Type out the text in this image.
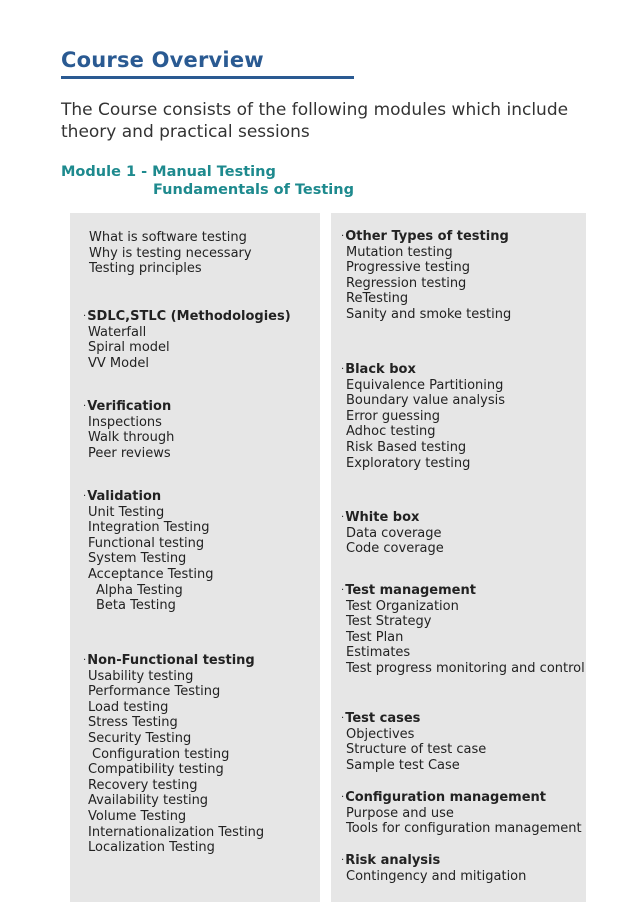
Course Overview
The Course consists of the following modules which include
theory and practical sessions
Module 1 - Manual Testing
Fundamentals of Testing
What is software testing
Why is testing necessary
Testing principles
·SDLC,STLC (Methodologies)
Waterfall
Spiral model
VV Model
·Verification
Inspections
Walk through
Peer reviews
·Validation
Unit Testing
Integration Testing
Functional testing
System Testing
Acceptance Testing
Alpha Testing
Beta Testing
·Non-Functional testing
Usability testing
Performance Testing
Load testing
Stress Testing
Security Testing
Configuration testing
Compatibility testing
Recovery testing
Availability testing
Volume Testing
Internationalization Testing
Localization Testing
·Other Types of testing
Mutation testing
Progressive testing
Regression testing
ReTesting
Sanity and smoke testing
·Black box
Equivalence Partitioning
Boundary value analysis
Error guessing
Adhoc testing
Risk Based testing
Exploratory testing
·White box
Data coverage
Code coverage
·Test management
Test Organization
Test Strategy
Test Plan
Estimates
Test progress monitoring and control
·Test cases
Objectives
Structure of test case
Sample test Case
·Configuration management
Purpose and use
Tools for configuration management
·Risk analysis
Contingency and mitigation
